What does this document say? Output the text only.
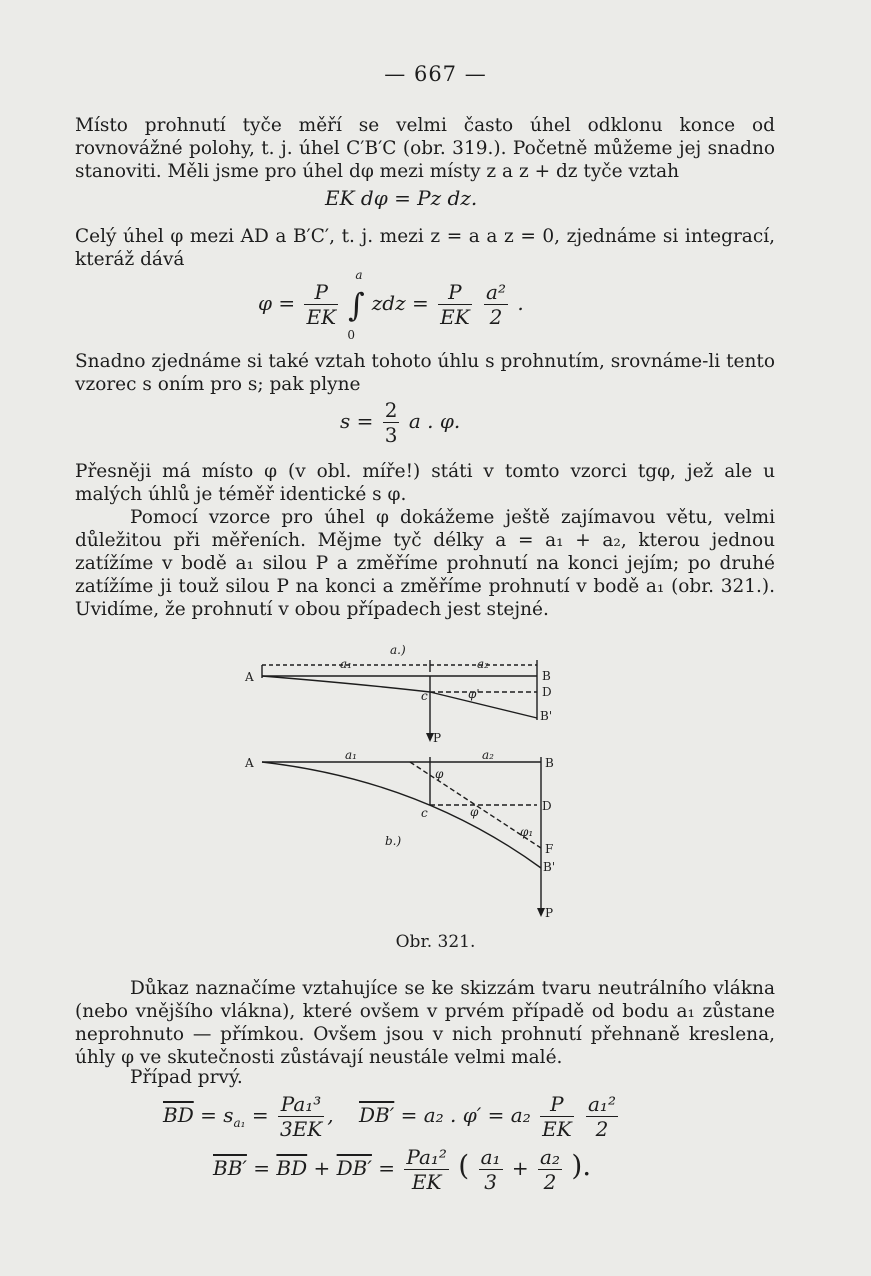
— 667 —
Místo prohnutí tyče měří se velmi často úhel odklonu konce od rovnovážné polohy, t. j. úhel C′B′C (obr. 319.). Početně můžeme jej snadno stanoviti. Měli jsme pro úhel dφ mezi místy z a z + dz tyče vztah
EK dφ = Pz dz.
Celý úhel φ mezi AD a B′C′, t. j. mezi z = a a z = 0, zjednáme si integrací, kteráž dává
$\varphi = \frac{P}{EK}$

a
∫
0
zdz = $\frac{P}{EK}$
$\frac{\text{a²}}{2}$ .
Snadno zjednáme si také vztah tohoto úhlu s prohnutím, srovnáme-li tento vzorec s oním pro s; pak plyne
$s = \frac{2}{3}$ a . φ.
Přesněji má místo φ (v obl. míře!) státi v tomto vzorci tgφ, jež ale u malých úhlů je téměř identické s φ.
Pomocí vzorce pro úhel φ dokážeme ještě zajímavou větu, velmi důležitou při měřeních. Mějme tyč délky a = a₁ + a₂, kterou jednou zatížíme v bodě a₁ silou P a změříme prohnutí na konci jejím; po druhé zatížíme ji touž silou P na konci a změříme prohnutí v bodě a₁ (obr. 321.). Uvidíme, že prohnutí v obou případech jest stejné.
a.)
A
a₁	a₂
B
D
B'
c	φ'
P
A
a₁	a₂
B
φ
D
c	φ
φ₁
b.)
F
B'
P
Obr. 321.
Důkaz naznačíme vztahujíce se ke skizzám tvaru neutrálního vlákna (nebo vnějšího vlákna), které ovšem v prvém případě od bodu a₁ zůstane neprohnuto — přímkou. Ovšem jsou v nich prohnutí přehnaně kreslena, úhly φ ve skutečnosti zůstávají neustále velmi malé.
Případ prvý.
$\overline{BD} = s_{a_1} = \frac{\text{Pa₁³}}{3EK}$ , DB′ = a₂ . $\varphi' = a_2 \frac{P}{EK}$
$\frac{\text{a₁²}}{2}$
$BB' = \overline{BD} + DB' = \frac{\text{Pa₁²}}{EK}$ ( $\frac{\text{a₁}}{3} + \frac{\text{a₂}}{2}$ ).
